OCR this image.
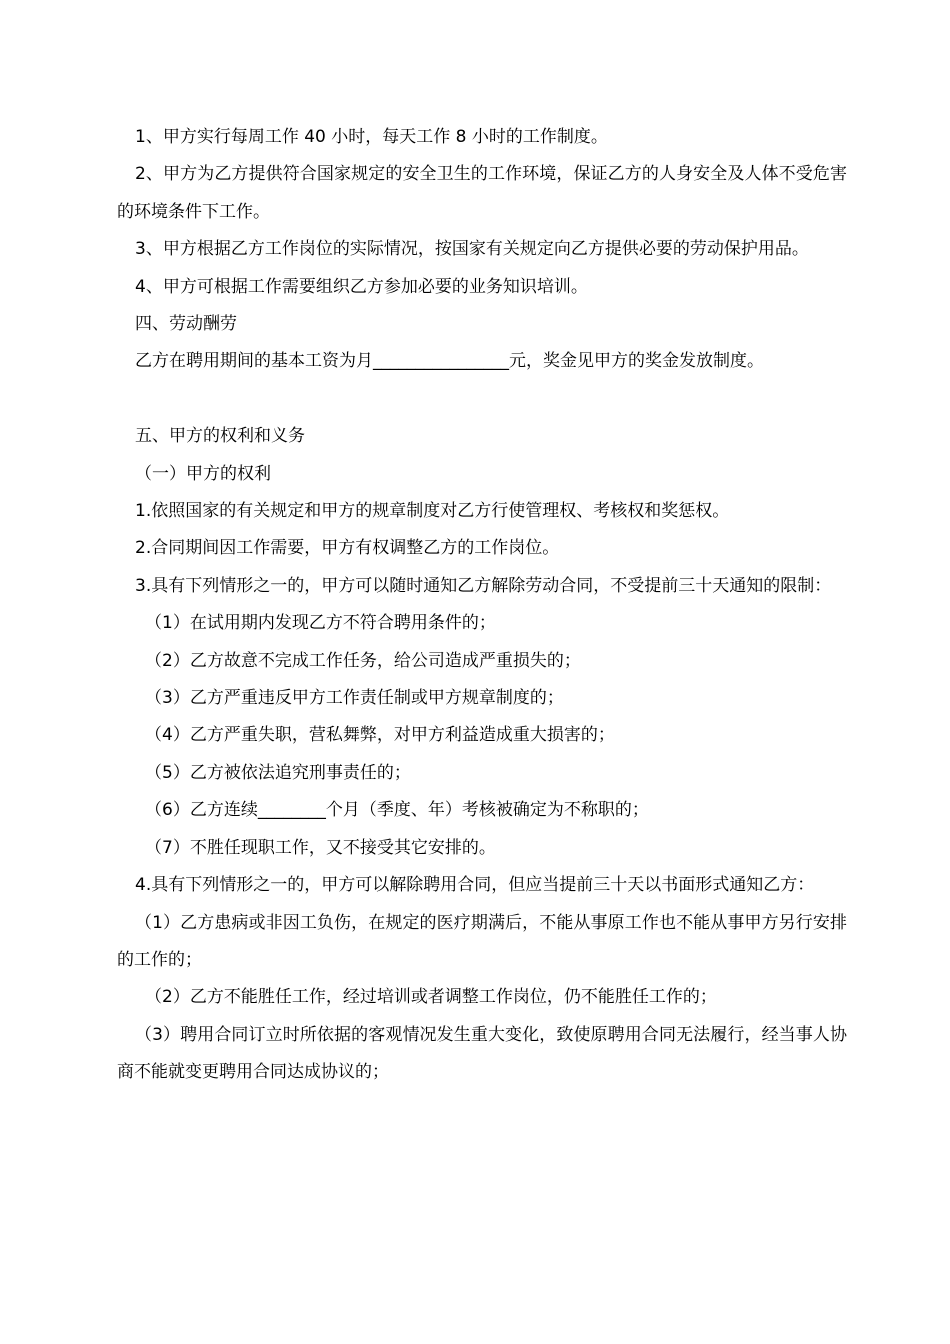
1、甲方实行每周工作 40 小时，每天工作 8 小时的工作制度。

2、甲方为乙方提供符合国家规定的安全卫生的工作环境，保证乙方的人身安全及人体不受危害的环境条件下工作。

3、甲方根据乙方工作岗位的实际情况，按国家有关规定向乙方提供必要的劳动保护用品。

4、甲方可根据工作需要组织乙方参加必要的业务知识培训。

四、劳动酬劳

乙方在聘用期间的基本工资为月________________元，奖金见甲方的奖金发放制度。

五、甲方的权利和义务

（一）甲方的权利

1.依照国家的有关规定和甲方的规章制度对乙方行使管理权、考核权和奖惩权。

2.合同期间因工作需要，甲方有权调整乙方的工作岗位。

3.具有下列情形之一的，甲方可以随时通知乙方解除劳动合同，不受提前三十天通知的限制：

（1）在试用期内发现乙方不符合聘用条件的；

（2）乙方故意不完成工作任务，给公司造成严重损失的；

（3）乙方严重违反甲方工作责任制或甲方规章制度的；

（4）乙方严重失职，营私舞弊，对甲方利益造成重大损害的；

（5）乙方被依法追究刑事责任的；

（6）乙方连续________个月（季度、年）考核被确定为不称职的；

（7）不胜任现职工作，又不接受其它安排的。

4.具有下列情形之一的，甲方可以解除聘用合同，但应当提前三十天以书面形式通知乙方：

（1）乙方患病或非因工负伤，在规定的医疗期满后，不能从事原工作也不能从事甲方另行安排的工作的；

（2）乙方不能胜任工作，经过培训或者调整工作岗位，仍不能胜任工作的；

（3）聘用合同订立时所依据的客观情况发生重大变化，致使原聘用合同无法履行，经当事人协商不能就变更聘用合同达成协议的；
